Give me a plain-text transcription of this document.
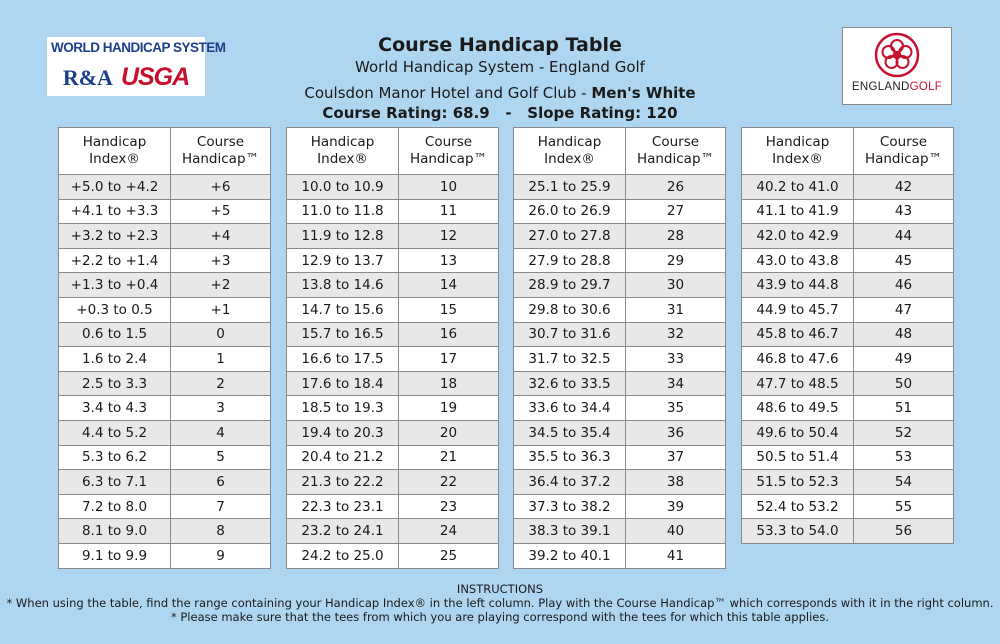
WORLD HANDICAP SYSTEM
R&A USGA	ENGLANDGOLF
Course Handicap Table
World Handicap System - England Golf
Coulsdon Manor Hotel and Golf Club - Men's White
Course Rating: 68.9 - Slope Rating: 120
Handicap
Index®	Course
Handicap™
+5.0 to +4.2	+6
+4.1 to +3.3	+5
+3.2 to +2.3	+4
+2.2 to +1.4	+3
+1.3 to +0.4	+2
+0.3 to 0.5	+1
0.6 to 1.5	0
1.6 to 2.4	1
2.5 to 3.3	2
3.4 to 4.3	3
4.4 to 5.2	4
5.3 to 6.2	5
6.3 to 7.1	6
7.2 to 8.0	7
8.1 to 9.0	8
9.1 to 9.9	9
Handicap
Index®	Course
Handicap™
10.0 to 10.9	10
11.0 to 11.8	11
11.9 to 12.8	12
12.9 to 13.7	13
13.8 to 14.6	14
14.7 to 15.6	15
15.7 to 16.5	16
16.6 to 17.5	17
17.6 to 18.4	18
18.5 to 19.3	19
19.4 to 20.3	20
20.4 to 21.2	21
21.3 to 22.2	22
22.3 to 23.1	23
23.2 to 24.1	24
24.2 to 25.0	25
Handicap
Index®	Course
Handicap™
25.1 to 25.9	26
26.0 to 26.9	27
27.0 to 27.8	28
27.9 to 28.8	29
28.9 to 29.7	30
29.8 to 30.6	31
30.7 to 31.6	32
31.7 to 32.5	33
32.6 to 33.5	34
33.6 to 34.4	35
34.5 to 35.4	36
35.5 to 36.3	37
36.4 to 37.2	38
37.3 to 38.2	39
38.3 to 39.1	40
39.2 to 40.1	41
Handicap
Index®	Course
Handicap™
40.2 to 41.0	42
41.1 to 41.9	43
42.0 to 42.9	44
43.0 to 43.8	45
43.9 to 44.8	46
44.9 to 45.7	47
45.8 to 46.7	48
46.8 to 47.6	49
47.7 to 48.5	50
48.6 to 49.5	51
49.6 to 50.4	52
50.5 to 51.4	53
51.5 to 52.3	54
52.4 to 53.2	55
53.3 to 54.0	56
INSTRUCTIONS
* When using the table, find the range containing your Handicap Index® in the left column. Play with the Course Handicap™ which corresponds with it in the right column.
* Please make sure that the tees from which you are playing correspond with the tees for which this table applies.
